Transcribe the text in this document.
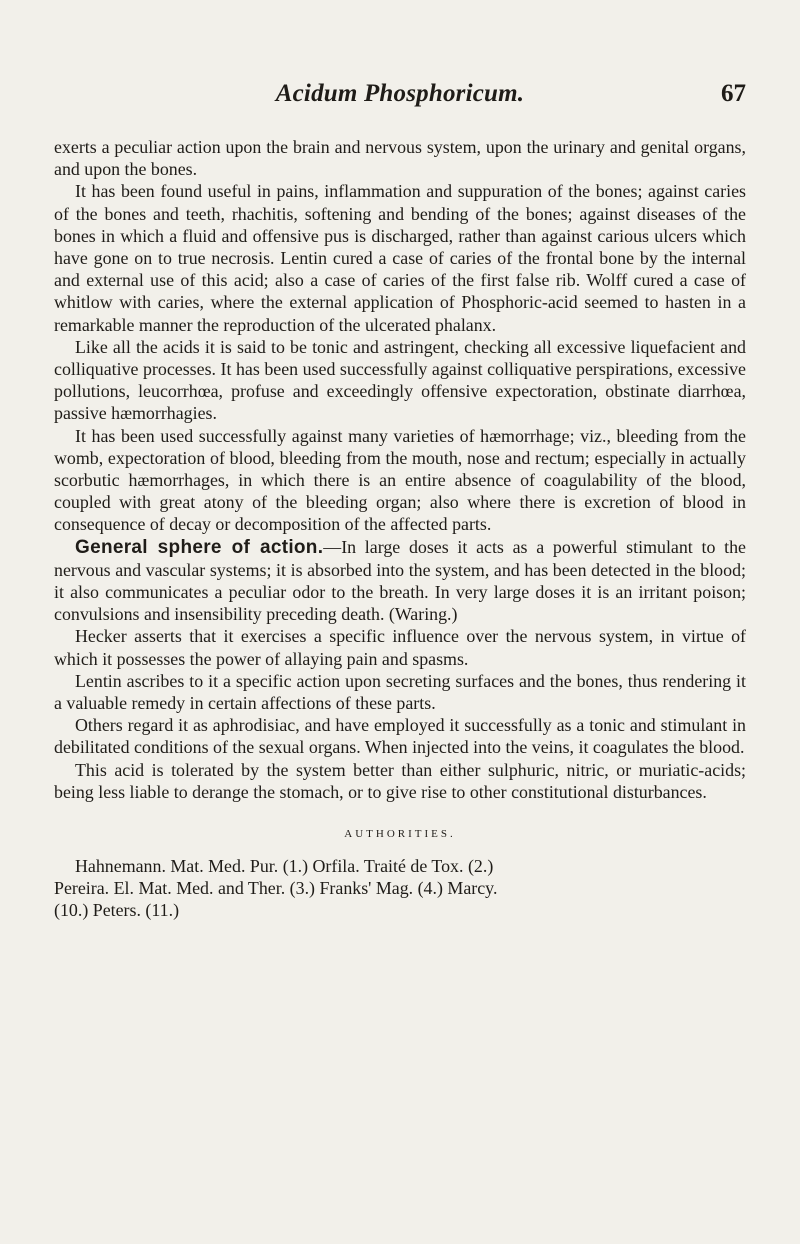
Acidum Phosphoricum.	67

exerts a peculiar action upon the brain and nervous system, upon the urinary and genital organs, and upon the bones.

It has been found useful in pains, inflammation and suppuration of the bones; against caries of the bones and teeth, rhachitis, softening and bending of the bones; against diseases of the bones in which a fluid and offensive pus is discharged, rather than against carious ulcers which have gone on to true necrosis. Lentin cured a case of caries of the frontal bone by the internal and external use of this acid; also a case of caries of the first false rib. Wolff cured a case of whitlow with caries, where the external application of Phosphoric-acid seemed to hasten in a remarkable manner the reproduction of the ulcerated phalanx.

Like all the acids it is said to be tonic and astringent, checking all excessive liquefacient and colliquative processes. It has been used successfully against colliquative perspirations, excessive pollutions, leucorrhœa, profuse and exceedingly offensive expectoration, obstinate diarrhœa, passive hæmorrhagies.

It has been used successfully against many varieties of hæmorrhage; viz., bleeding from the womb, expectoration of blood, bleeding from the mouth, nose and rectum; especially in actually scorbutic hæmorrhages, in which there is an entire absence of coagulability of the blood, coupled with great atony of the bleeding organ; also where there is excretion of blood in consequence of decay or decomposition of the affected parts.

General sphere of action.—In large doses it acts as a powerful stimulant to the nervous and vascular systems; it is absorbed into the system, and has been detected in the blood; it also communicates a peculiar odor to the breath. In very large doses it is an irritant poison; convulsions and insensibility preceding death. (Waring.)

Hecker asserts that it exercises a specific influence over the nervous system, in virtue of which it possesses the power of allaying pain and spasms.

Lentin ascribes to it a specific action upon secreting surfaces and the bones, thus rendering it a valuable remedy in certain affections of these parts.

Others regard it as aphrodisiac, and have employed it successfully as a tonic and stimulant in debilitated conditions of the sexual organs. When injected into the veins, it coagulates the blood.

This acid is tolerated by the system better than either sulphuric, nitric, or muriatic-acids; being less liable to derange the stomach, or to give rise to other constitutional disturbances.

AUTHORITIES.
Hahnemann. Mat. Med. Pur. (1.) Orfila. Traité de Tox. (2.)
Pereira. El. Mat. Med. and Ther. (3.) Franks' Mag. (4.) Marcy.
(10.) Peters. (11.)
